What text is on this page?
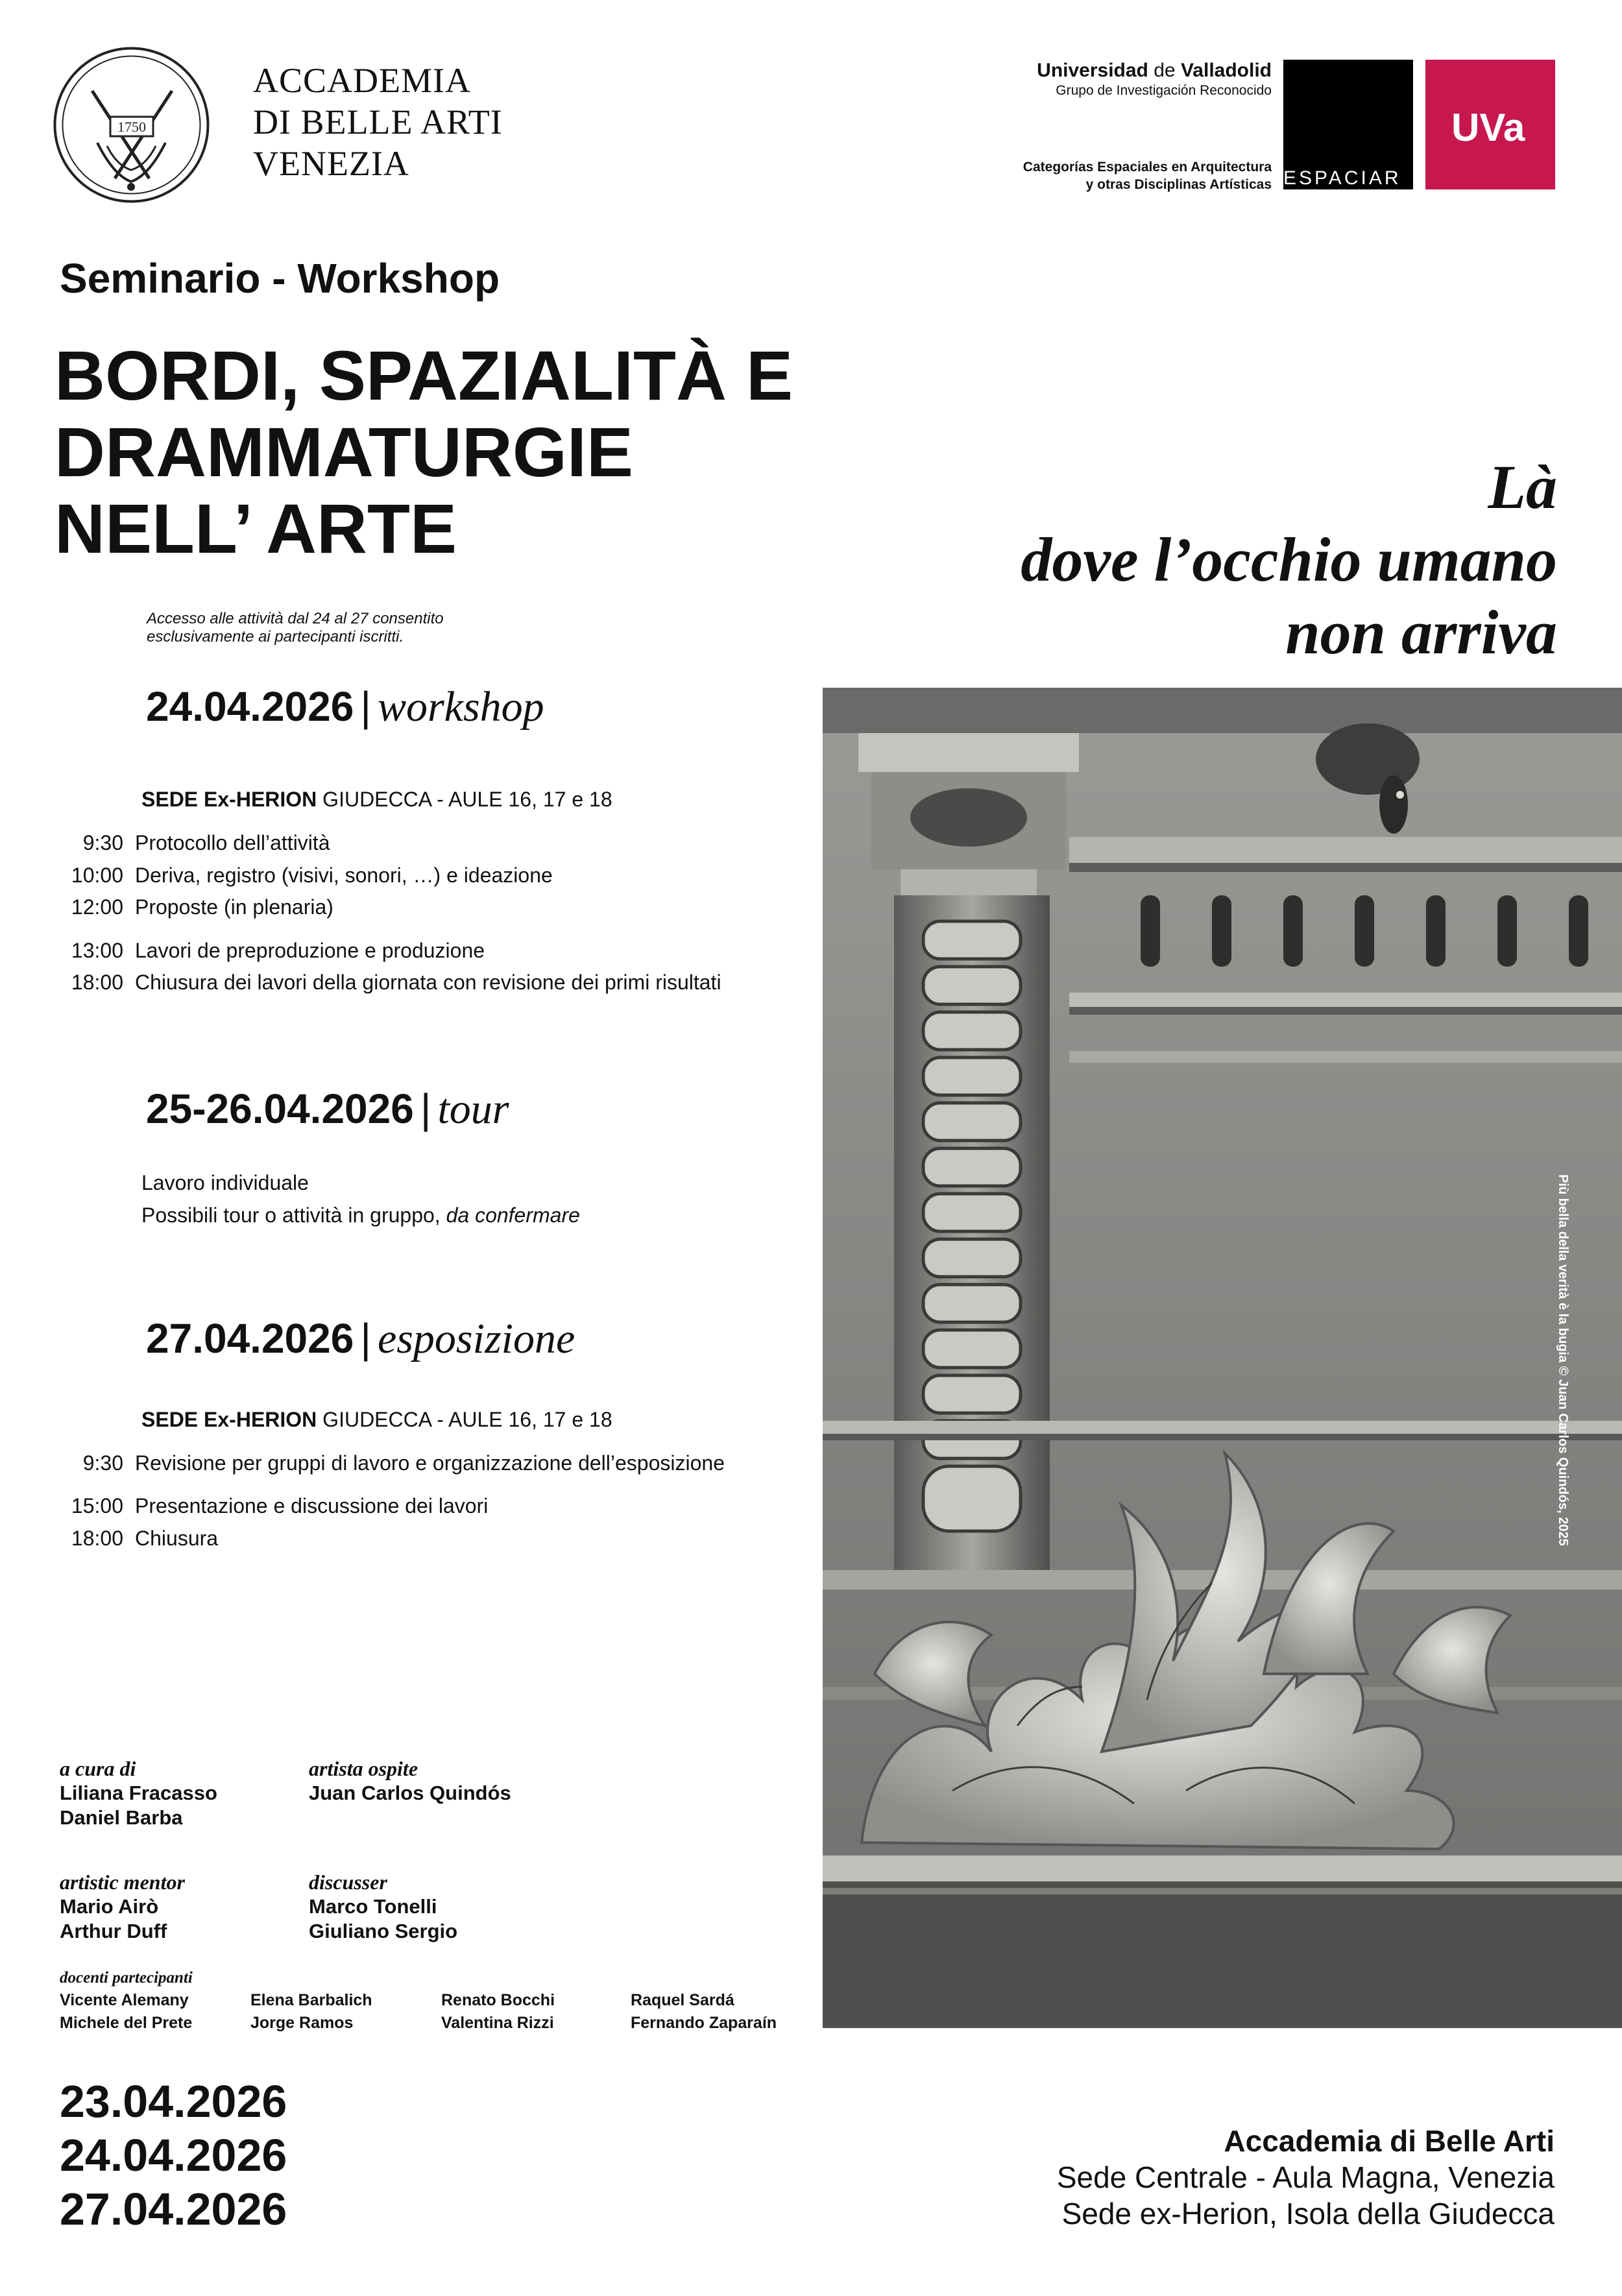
1750
ACCADEMIA
DI BELLE ARTI
VENEZIA
Universidad de Valladolid
Grupo de Investigación Reconocido
Categorías Espaciales en Arquitectura
y otras Disciplinas Artísticas ESPACIAR
UVa
Seminario - Workshop
BORDI, SPAZIALITÀ E
DRAMMATURGIE
NELL’ ARTE
Accesso alle attività dal 24 al 27 consentito
esclusivamente ai partecipanti iscritti.
Là
dove l’occhio umano
non arriva
Più bella della verità è la bugia © Juan Carlos Quindós, 2025
24.04.2026 | workshop
SEDE Ex-HERION GIUDECCA - AULE 16, 17 e 18
9:30 Protocollo dell’attività
10:00 Deriva, registro (visivi, sonori, …) e ideazione
12:00 Proposte (in plenaria)
13:00 Lavori de preproduzione e produzione
18:00 Chiusura dei lavori della giornata con revisione dei primi risultati
25-26.04.2026 | tour
Lavoro individuale
Possibili tour o attività in gruppo, da confermare
27.04.2026 | esposizione
SEDE Ex-HERION GIUDECCA - AULE 16, 17 e 18
9:30 Revisione per gruppi di lavoro e organizzazione dell’esposizione
15:00 Presentazione e discussione dei lavori
18:00 Chiusura
a cura di
Liliana Fracasso
Daniel Barba
artista ospite
Juan Carlos Quindós
artistic mentor
Mario Airò
Arthur Duff
discusser
Marco Tonelli
Giuliano Sergio
docenti partecipanti
Vicente Alemany
Michele del Prete
Elena Barbalich
Jorge Ramos
Renato Bocchi
Valentina Rizzi
Raquel Sardá
Fernando Zaparaín
23.04.2026
24.04.2026
27.04.2026
Accademia di Belle Arti
Sede Centrale - Aula Magna, Venezia
Sede ex-Herion, Isola della Giudecca
